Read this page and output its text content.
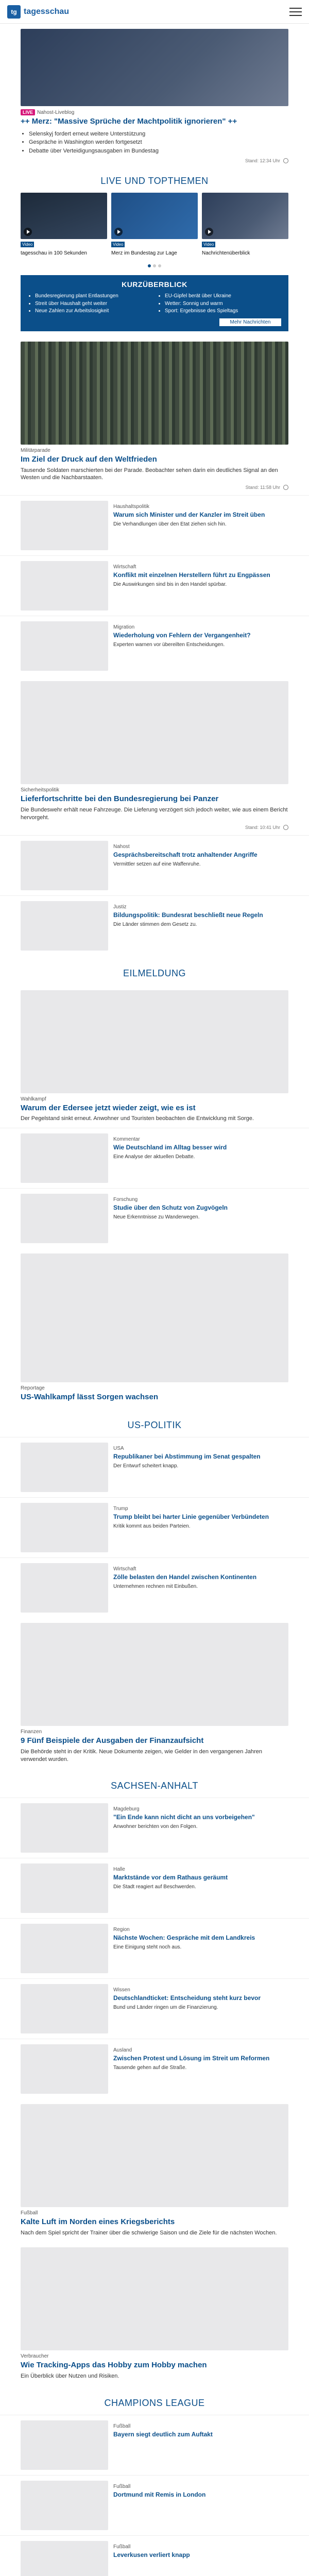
tg tagesschau
LIVE Nahost-Liveblog
++ Merz: "Massive Sprüche der Machtpolitik ignorieren" ++
• Selenskyj fordert erneut weitere Unterstützung
• Gespräche in Washington werden fortgesetzt
• Debatte über Verteidigungsausgaben im Bundestag
Stand: 12:34 Uhr
LIVE UND TOPTHEMEN
Video
tagesschau in 100 Sekunden
Video
Merz im Bundestag zur Lage
Video
Nachrichtenüberblick
KURZÜBERBLICK
• Bundesregierung plant Entlastungen
• Streit über Haushalt geht weiter
• Neue Zahlen zur Arbeitslosigkeit
• EU-Gipfel berät über Ukraine
• Wetter: Sonnig und warm
• Sport: Ergebnisse des Spieltags
Mehr Nachrichten
Militärparade
Im Ziel der Druck auf den Weltfrieden
Tausende Soldaten marschierten bei der Parade. Beobachter sehen darin ein deutliches Signal an den Westen und die Nachbarstaaten.
Stand: 11:58 Uhr
Haushaltspolitik
Warum sich Minister und der Kanzler im Streit üben
Die Verhandlungen über den Etat ziehen sich hin.
Wirtschaft
Konflikt mit einzelnen Herstellern führt zu Engpässen
Die Auswirkungen sind bis in den Handel spürbar.
Migration
Wiederholung von Fehlern der Vergangenheit?
Experten warnen vor übereilten Entscheidungen.
Sicherheitspolitik
Lieferfortschritte bei den Bundesregierung bei Panzer
Die Bundeswehr erhält neue Fahrzeuge. Die Lieferung verzögert sich jedoch weiter, wie aus einem Bericht hervorgeht.
Stand: 10:41 Uhr
Nahost
Gesprächsbereitschaft trotz anhaltender Angriffe
Vermittler setzen auf eine Waffenruhe.
Justiz
Bildungspolitik: Bundesrat beschließt neue Regeln
Die Länder stimmen dem Gesetz zu.
EILMELDUNG
Wahlkampf
Warum der Edersee jetzt wieder zeigt, wie es ist
Der Pegelstand sinkt erneut. Anwohner und Touristen beobachten die Entwicklung mit Sorge.
Kommentar
Wie Deutschland im Alltag besser wird
Eine Analyse der aktuellen Debatte.
Forschung
Studie über den Schutz von Zugvögeln
Neue Erkenntnisse zu Wanderwegen.
Reportage
US-Wahlkampf lässt Sorgen wachsen
US-POLITIK
USA
Republikaner bei Abstimmung im Senat gespalten
Der Entwurf scheitert knapp.
Trump
Trump bleibt bei harter Linie gegenüber Verbündeten
Kritik kommt aus beiden Parteien.
Wirtschaft
Zölle belasten den Handel zwischen Kontinenten
Unternehmen rechnen mit Einbußen.
Finanzen
9 Fünf Beispiele der Ausgaben der Finanzaufsicht
Die Behörde steht in der Kritik. Neue Dokumente zeigen, wie Gelder in den vergangenen Jahren verwendet wurden.
SACHSEN-ANHALT
Magdeburg
"Ein Ende kann nicht dicht an uns vorbeigehen"
Anwohner berichten von den Folgen.
Halle
Marktstände vor dem Rathaus geräumt
Die Stadt reagiert auf Beschwerden.
Region
Nächste Wochen: Gespräche mit dem Landkreis
Eine Einigung steht noch aus.
Wissen
Deutschlandticket: Entscheidung steht kurz bevor
Bund und Länder ringen um die Finanzierung.
Ausland
Zwischen Protest und Lösung im Streit um Reformen
Tausende gehen auf die Straße.
Fußball
Kalte Luft im Norden eines Kriegsberichts
Nach dem Spiel spricht der Trainer über die schwierige Saison und die Ziele für die nächsten Wochen.
Verbraucher
Wie Tracking-Apps das Hobby zum Hobby machen
Ein Überblick über Nutzen und Risiken.
CHAMPIONS LEAGUE
Fußball
Bayern siegt deutlich zum Auftakt
Fußball
Dortmund mit Remis in London
Fußball
Leverkusen verliert knapp
